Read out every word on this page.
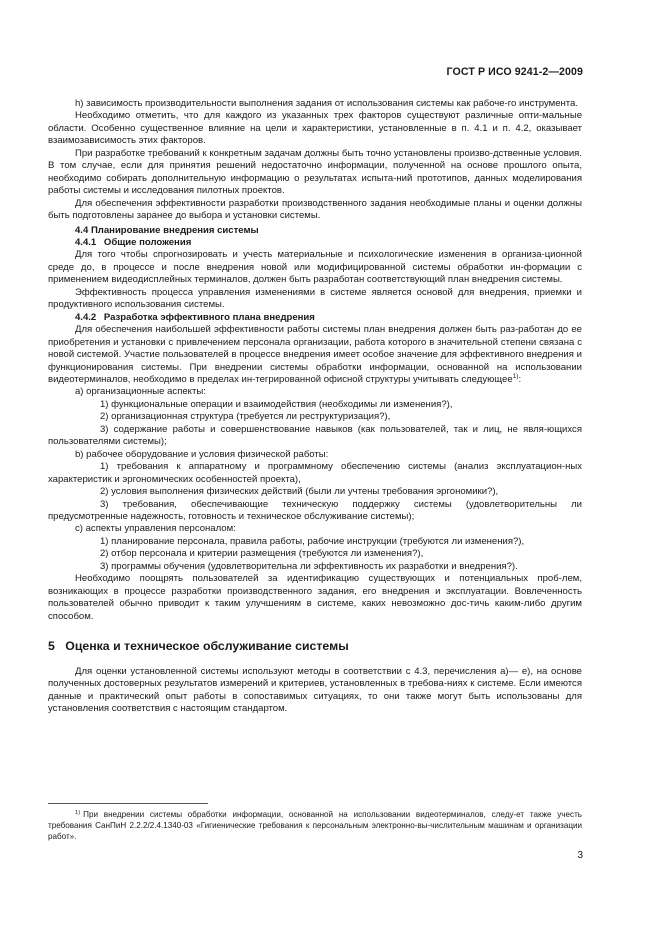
ГОСТ Р ИСО 9241-2—2009

h) зависимость производительности выполнения задания от использования системы как рабоче-го инструмента.

Необходимо отметить, что для каждого из указанных трех факторов существуют различные опти-мальные области. Особенно существенное влияние на цели и характеристики, установленные в п. 4.1 и п. 4.2, оказывает взаимозависимость этих факторов.

При разработке требований к конкретным задачам должны быть точно установлены произво-дственные условия. В том случае, если для принятия решений недостаточно информации, полученной на основе прошлого опыта, необходимо собирать дополнительную информацию о результатах испыта-ний прототипов, данных моделирования работы системы и исследования пилотных проектов.

Для обеспечения эффективности разработки производственного задания необходимые планы и оценки должны быть подготовлены заранее до выбора и установки системы.

4.4 Планирование внедрения системы

4.4.1 Общие положения

Для того чтобы спрогнозировать и учесть материальные и психологические изменения в организа-ционной среде до, в процессе и после внедрения новой или модифицированной системы обработки ин-формации с применением видеодисплейных терминалов, должен быть разработан соответствующий план внедрения системы.

Эффективность процесса управления изменениями в системе является основой для внедрения, приемки и продуктивного использования системы.

4.4.2 Разработка эффективного плана внедрения

Для обеспечения наибольшей эффективности работы системы план внедрения должен быть раз-работан до ее приобретения и установки с привлечением персонала организации, работа которого в значительной степени связана с новой системой. Участие пользователей в процессе внедрения имеет особое значение для эффективного внедрения и функционирования системы. При внедрении системы обработки информации, основанной на использовании видеотерминалов, необходимо в пределах ин-тегрированной офисной структуры учитывать следующее$^{1)}$:

a) организационные аспекты:

1) функциональные операции и взаимодействия (необходимы ли изменения?),

2) организационная структура (требуется ли реструктуризация?),

3) содержание работы и совершенствование навыков (как пользователей, так и лиц, не явля-ющихся пользователями системы);

b) рабочее оборудование и условия физической работы:

1) требования к аппаратному и программному обеспечению системы (анализ эксплуатацион-ных характеристик и эргономических особенностей проекта),

2) условия выполнения физических действий (были ли учтены требования эргономики?),

3) требования, обеспечивающие техническую поддержку системы (удовлетворительны ли предусмотренные надежность, готовность и техническое обслуживание системы);

c) аспекты управления персоналом:

1) планирование персонала, правила работы, рабочие инструкции (требуются ли изменения?),

2) отбор персонала и критерии размещения (требуются ли изменения?),

3) программы обучения (удовлетворительна ли эффективность их разработки и внедрения?).

Необходимо поощрять пользователей за идентификацию существующих и потенциальных проб-лем, возникающих в процессе разработки производственного задания, его внедрения и эксплуатации. Вовлеченность пользователей обычно приводит к таким улучшениям в системе, каких невозможно дос-тичь каким-либо другим способом.

5 Оценка и техническое обслуживание системы

Для оценки установленной системы используют методы в соответствии с 4.3, перечисления а)— е), на основе полученных достоверных результатов измерений и критериев, установленных в требова-ниях к системе. Если имеются данные и практический опыт работы в сопоставимых ситуациях, то они также могут быть использованы для установления соответствия с настоящим стандартом.

$^{1)}$ При внедрении системы обработки информации, основанной на использовании видеотерминалов, следу-ет также учесть требования СанПиН 2.2.2/2.4.1340-03 «Гигиенические требования к персональным электронно-вы-числительным машинам и организации работ».

3
